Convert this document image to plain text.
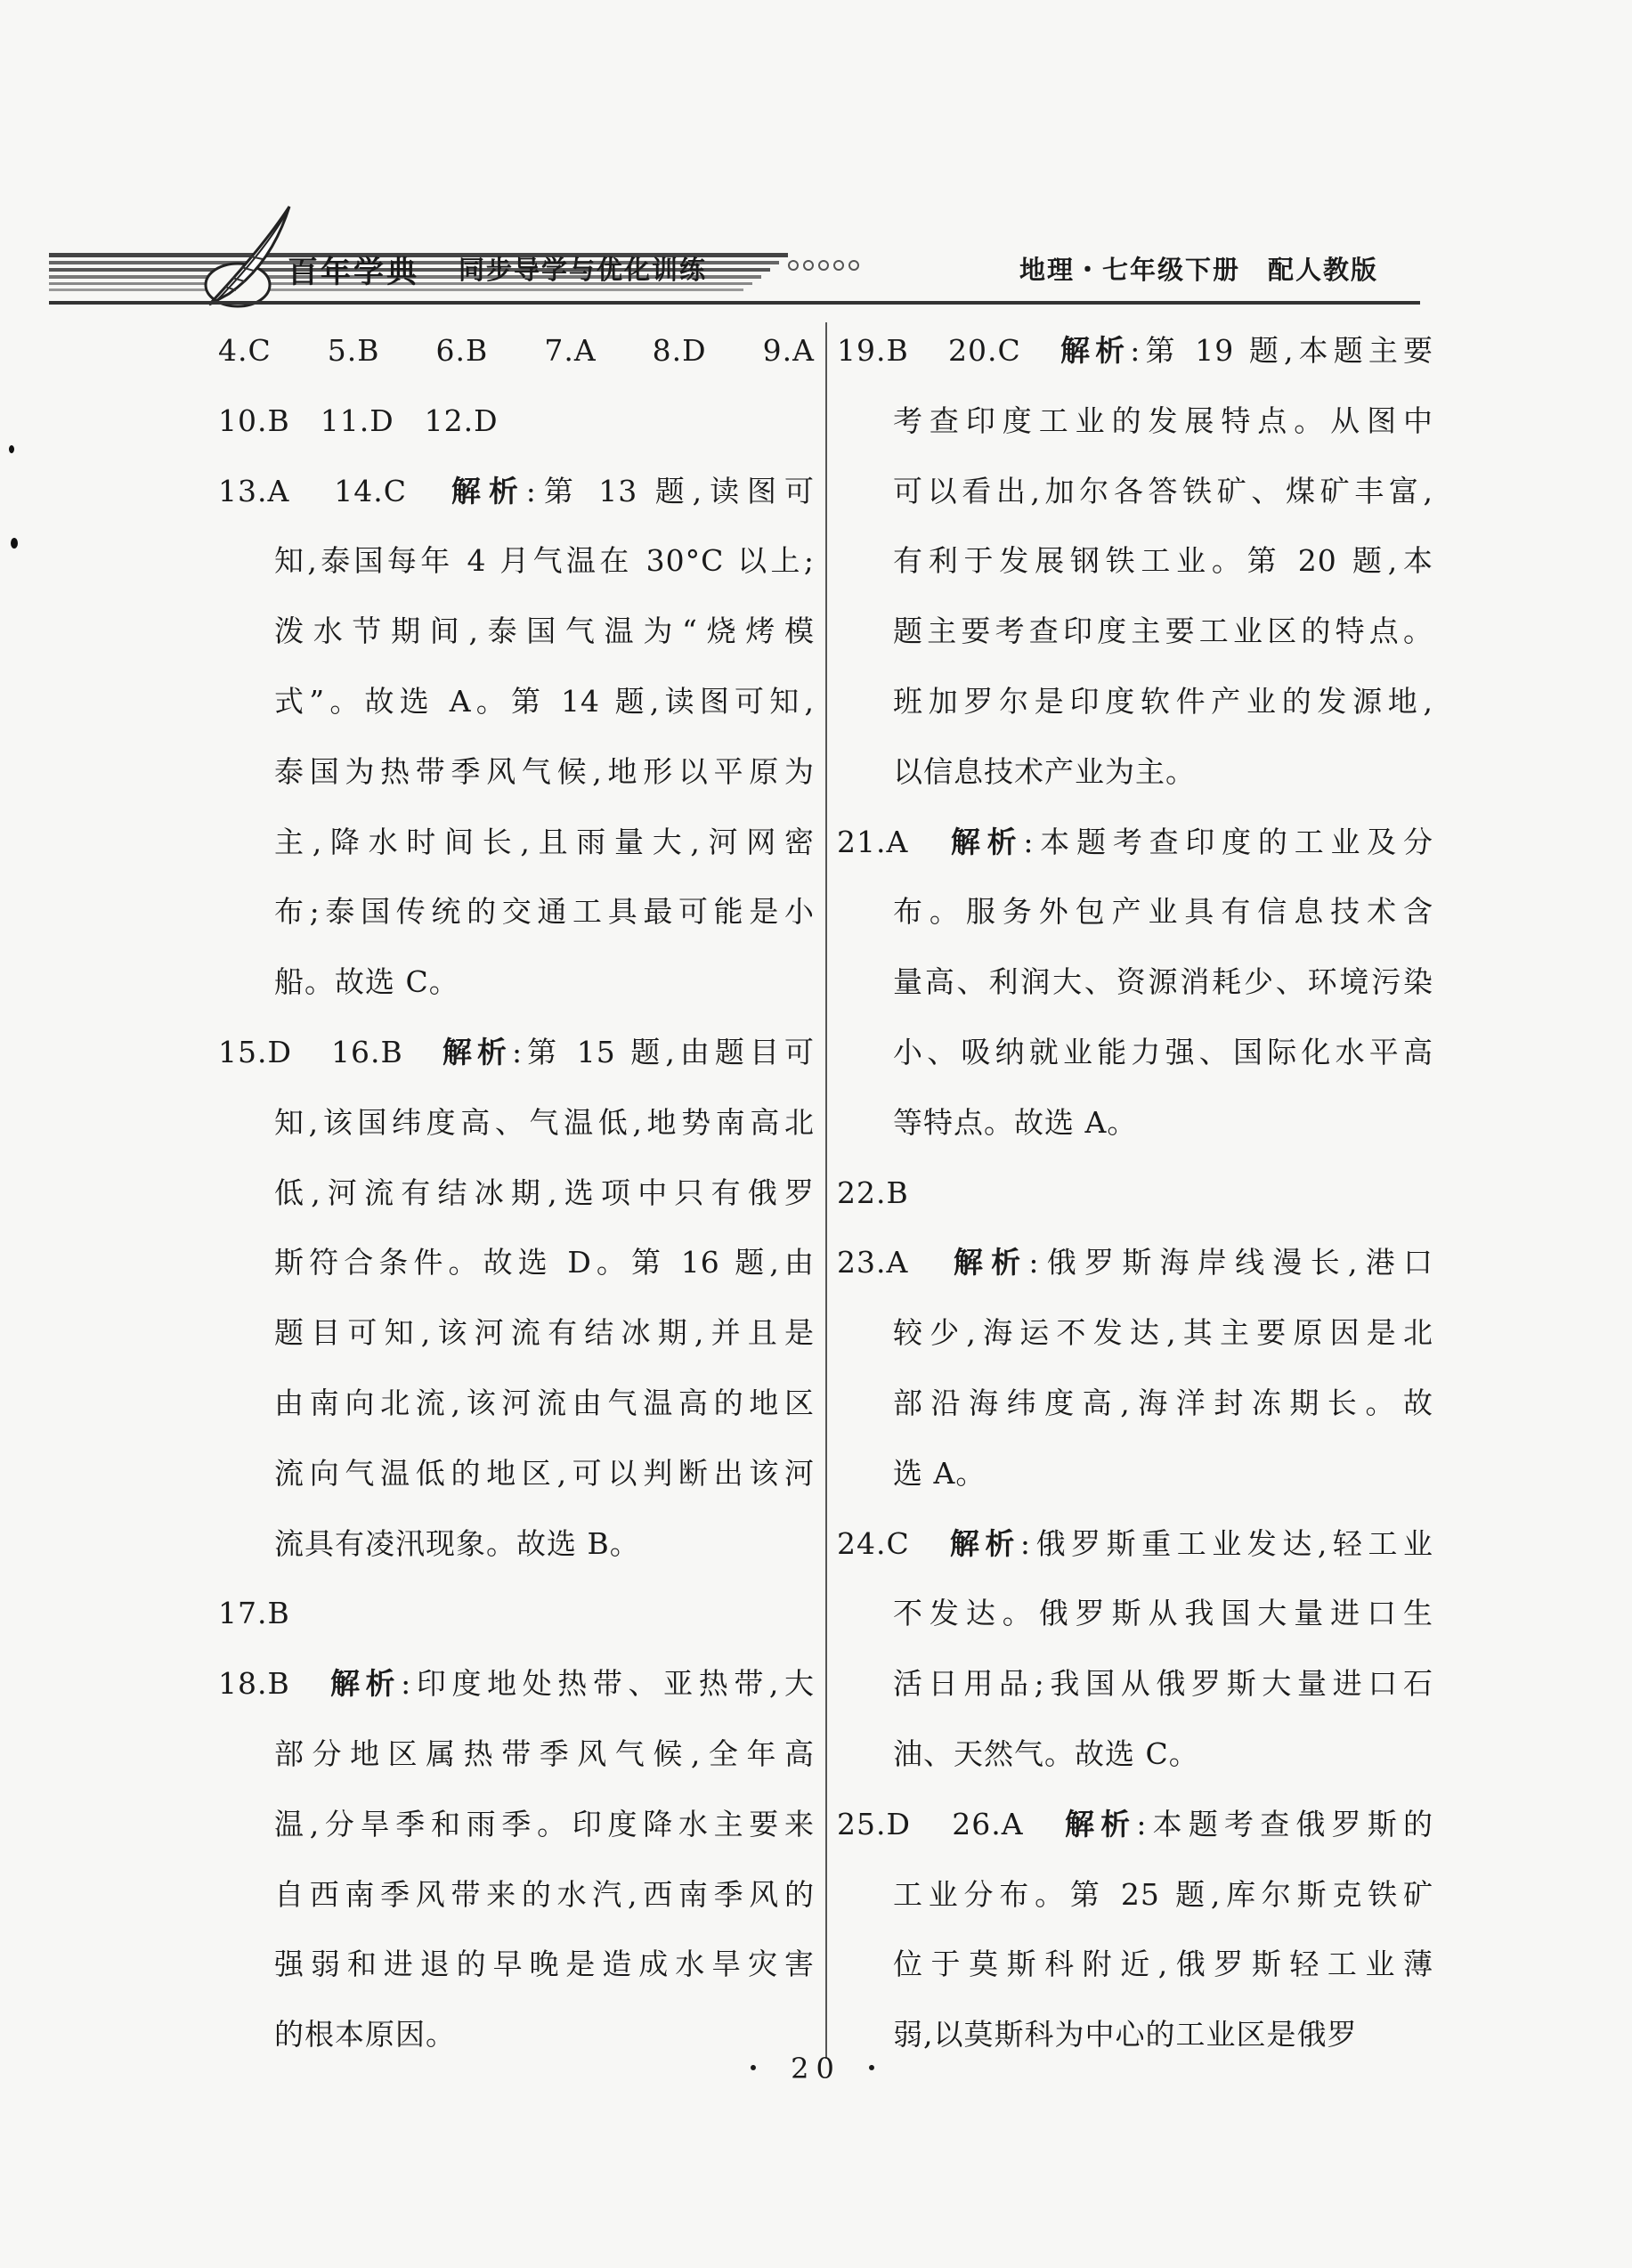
百年学典 同步导学与优化训练	地理・七年级下册　配人教版
4.C　5.B　6.B　7.A　8.D　9.A
10.B　11.D　12.D
13.A　14.C　解析:第 13 题,读图可
知,泰国每年 4 月气温在 30°C 以上;
泼水节期间,泰国气温为“烧烤模
式”。故选 A。第 14 题,读图可知,
泰国为热带季风气候,地形以平原为
主,降水时间长,且雨量大,河网密
布;泰国传统的交通工具最可能是小
船。故选 C。
15.D　16.B　解析:第 15 题,由题目可
知,该国纬度高、气温低,地势南高北
低,河流有结冰期,选项中只有俄罗
斯符合条件。故选 D。第 16 题,由
题目可知,该河流有结冰期,并且是
由南向北流,该河流由气温高的地区
流向气温低的地区,可以判断出该河
流具有凌汛现象。故选 B。
17.B
18.B　解析:印度地处热带、亚热带,大
部分地区属热带季风气候,全年高
温,分旱季和雨季。印度降水主要来
自西南季风带来的水汽,西南季风的
强弱和进退的早晚是造成水旱灾害
的根本原因。
19.B　20.C　解析:第 19 题,本题主要
考查印度工业的发展特点。从图中
可以看出,加尔各答铁矿、煤矿丰富,
有利于发展钢铁工业。第 20 题,本
题主要考查印度主要工业区的特点。
班加罗尔是印度软件产业的发源地,
以信息技术产业为主。
21.A　解析:本题考查印度的工业及分
布。服务外包产业具有信息技术含
量高、利润大、资源消耗少、环境污染
小、吸纳就业能力强、国际化水平高
等特点。故选 A。
22.B
23.A　解析:俄罗斯海岸线漫长,港口
较少,海运不发达,其主要原因是北
部沿海纬度高,海洋封冻期长。故
选 A。
24.C　解析:俄罗斯重工业发达,轻工业
不发达。俄罗斯从我国大量进口生
活日用品;我国从俄罗斯大量进口石
油、天然气。故选 C。
25.D　26.A　解析:本题考查俄罗斯的
工业分布。第 25 题,库尔斯克铁矿
位于莫斯科附近,俄罗斯轻工业薄
弱,以莫斯科为中心的工业区是俄罗
・ 20 ・
